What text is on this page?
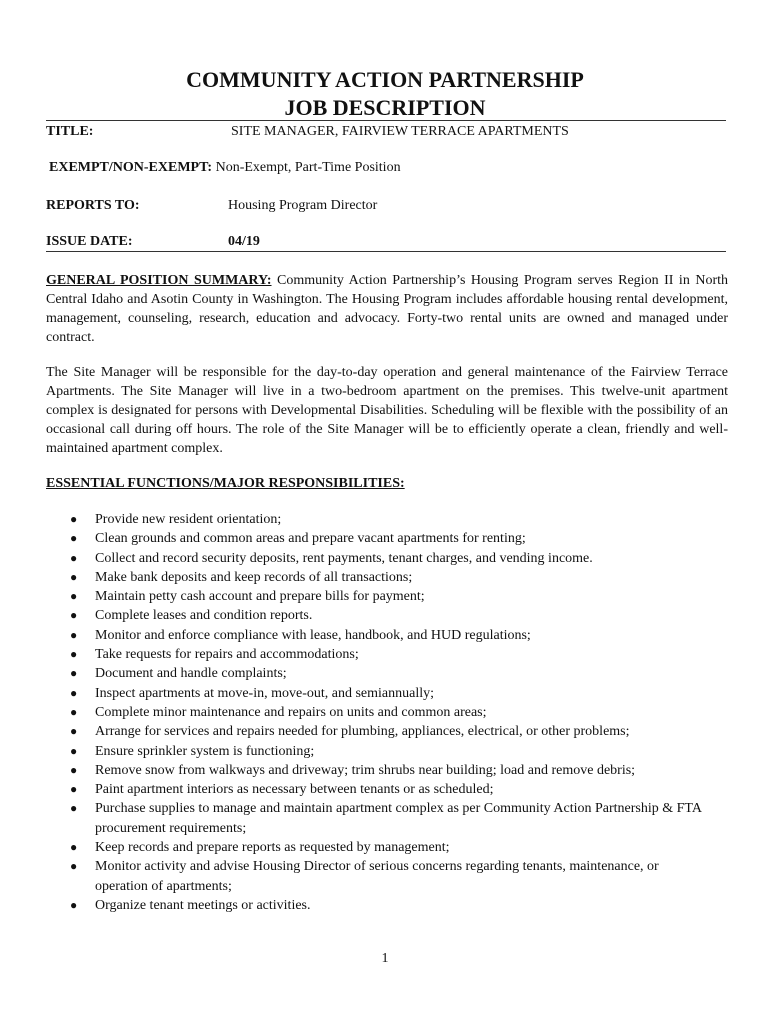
COMMUNITY ACTION PARTNERSHIP
JOB DESCRIPTION
TITLE:	SITE MANAGER, FAIRVIEW TERRACE APARTMENTS
EXEMPT/NON-EXEMPT: Non-Exempt, Part-Time Position
REPORTS TO:	Housing Program Director
ISSUE DATE:	04/19
GENERAL POSITION SUMMARY: Community Action Partnership’s Housing Program serves Region II in North Central Idaho and Asotin County in Washington. The Housing Program includes affordable housing rental development, management, counseling, research, education and advocacy. Forty-two rental units are owned and managed under contract.
The Site Manager will be responsible for the day-to-day operation and general maintenance of the Fairview Terrace Apartments. The Site Manager will live in a two-bedroom apartment on the premises. This twelve-unit apartment complex is designated for persons with Developmental Disabilities. Scheduling will be flexible with the possibility of an occasional call during off hours. The role of the Site Manager will be to efficiently operate a clean, friendly and well-maintained apartment complex.
ESSENTIAL FUNCTIONS/MAJOR RESPONSIBILITIES:
● Provide new resident orientation;
● Clean grounds and common areas and prepare vacant apartments for renting;
● Collect and record security deposits, rent payments, tenant charges, and vending income.
● Make bank deposits and keep records of all transactions;
● Maintain petty cash account and prepare bills for payment;
● Complete leases and condition reports.
● Monitor and enforce compliance with lease, handbook, and HUD regulations;
● Take requests for repairs and accommodations;
● Document and handle complaints;
● Inspect apartments at move-in, move-out, and semiannually;
● Complete minor maintenance and repairs on units and common areas;
● Arrange for services and repairs needed for plumbing, appliances, electrical, or other problems;
● Ensure sprinkler system is functioning;
● Remove snow from walkways and driveway; trim shrubs near building; load and remove debris;
● Paint apartment interiors as necessary between tenants or as scheduled;
● Purchase supplies to manage and maintain apartment complex as per Community Action Partnership & FTA procurement requirements;
● Keep records and prepare reports as requested by management;
● Monitor activity and advise Housing Director of serious concerns regarding tenants, maintenance, or operation of apartments;
● Organize tenant meetings or activities.
1
